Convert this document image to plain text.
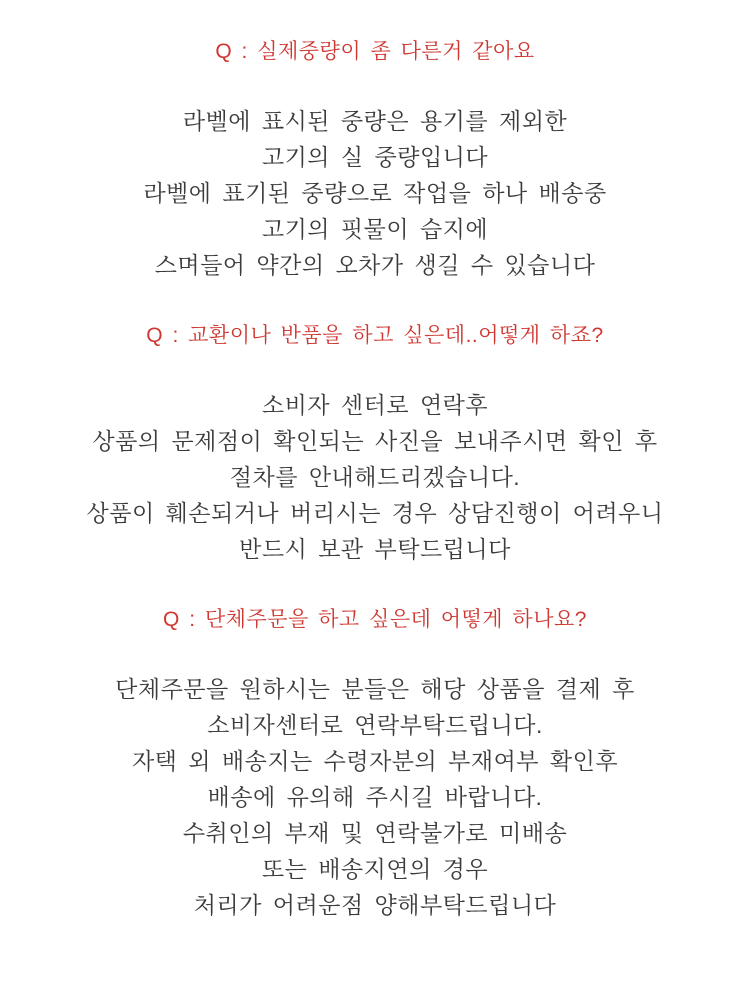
Q : 실제중량이 좀 다른거 같아요

라벨에 표시된 중량은 용기를 제외한

고기의 실 중량입니다

라벨에 표기된 중량으로 작업을 하나 배송중

고기의 핏물이 습지에

스며들어 약간의 오차가 생길 수 있습니다

Q : 교환이나 반품을 하고 싶은데..어떻게 하죠?

소비자 센터로 연락후

상품의 문제점이 확인되는 사진을 보내주시면 확인 후

절차를 안내해드리겠습니다.

상품이 훼손되거나 버리시는 경우 상담진행이 어려우니

반드시 보관 부탁드립니다

Q : 단체주문을 하고 싶은데 어떻게 하나요?

단체주문을 원하시는 분들은 해당 상품을 결제 후

소비자센터로 연락부탁드립니다.

자택 외 배송지는 수령자분의 부재여부 확인후

배송에 유의해 주시길 바랍니다.

수취인의 부재 및 연락불가로 미배송

또는 배송지연의 경우

처리가 어려운점 양해부탁드립니다
